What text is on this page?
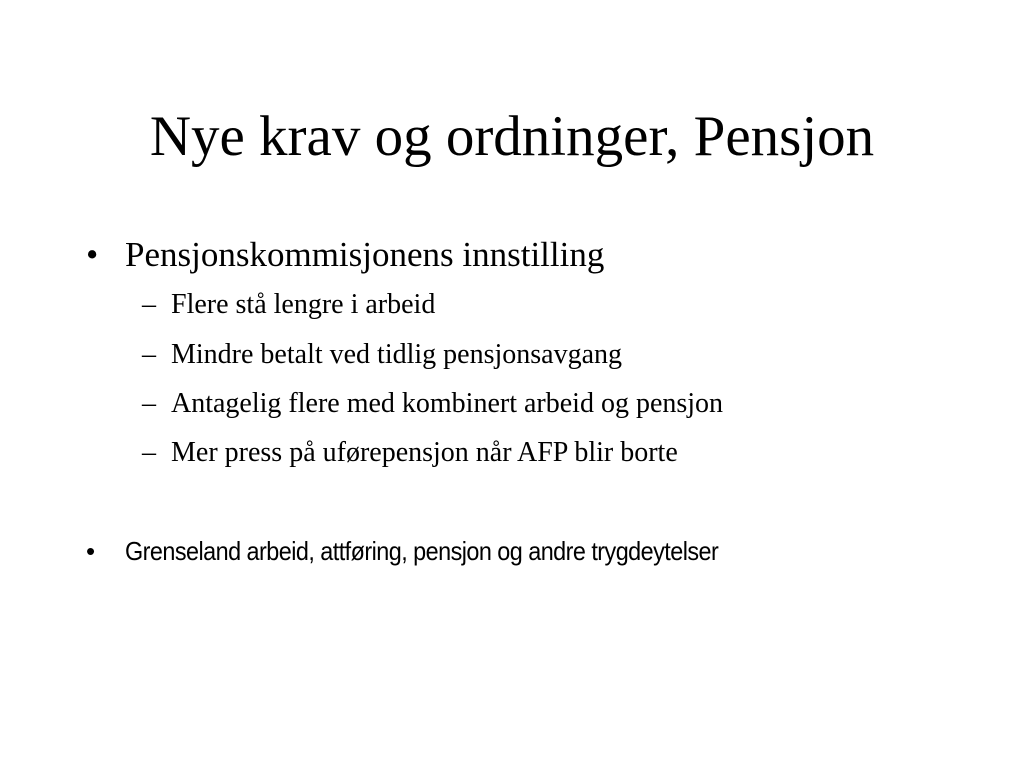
Nye krav og ordninger, Pensjon
• Pensjonskommisjonens innstilling
– Flere stå lengre i arbeid
– Mindre betalt ved tidlig pensjonsavgang
– Antagelig flere med kombinert arbeid og pensjon
– Mer press på uførepensjon når AFP blir borte
• Grenseland arbeid, attføring, pensjon og andre trygdeytelser
